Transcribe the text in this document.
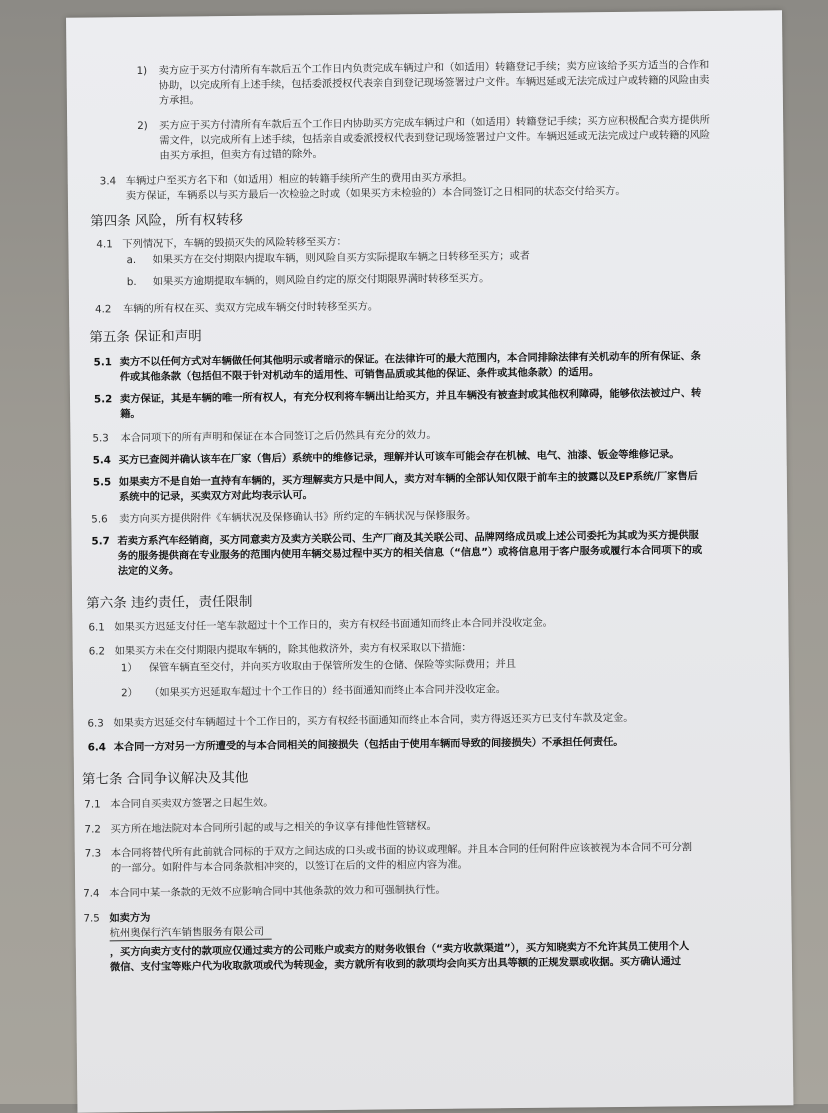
1) 卖方应于买方付清所有车款后五个工作日内负责完成车辆过户和（如适用）转籍登记手续；卖方应该给予买方适当的合作和
协助，以完成所有上述手续，包括委派授权代表亲自到登记现场签署过户文件。车辆迟延或无法完成过户或转籍的风险由卖
方承担。
2) 买方应于买方付清所有车款后五个工作日内协助买方完成车辆过户和（如适用）转籍登记手续；买方应积极配合卖方提供所
需文件，以完成所有上述手续，包括亲自或委派授权代表到登记现场签署过户文件。车辆迟延或无法完成过户或转籍的风险
由买方承担，但卖方有过错的除外。
3.4 车辆过户至买方名下和（如适用）相应的转籍手续所产生的费用由买方承担。
卖方保证，车辆系以与买方最后一次检验之时或（如果买方未检验的）本合同签订之日相同的状态交付给买方。
第四条 风险，所有权转移
4.1 下列情况下，车辆的毁损灭失的风险转移至买方：
a. 如果买方在交付期限内提取车辆，则风险自买方实际提取车辆之日转移至买方；或者
b. 如果买方逾期提取车辆的，则风险自约定的原交付期限界满时转移至买方。
4.2 车辆的所有权在买、卖双方完成车辆交付时转移至买方。
第五条 保证和声明
5.1 卖方不以任何方式对车辆做任何其他明示或者暗示的保证。在法律许可的最大范围内，本合同排除法律有关机动车的所有保证、条
件或其他条款（包括但不限于针对机动车的适用性、可销售品质或其他的保证、条件或其他条款）的适用。
5.2 卖方保证，其是车辆的唯一所有权人，有充分权利将车辆出让给买方，并且车辆没有被查封或其他权利障碍，能够依法被过户、转
籍。
5.3 本合同项下的所有声明和保证在本合同签订之后仍然具有充分的效力。
5.4 买方已查阅并确认该车在厂家（售后）系统中的维修记录，理解并认可该车可能会存在机械、电气、油漆、钣金等维修记录。
5.5 如果卖方不是自始一直持有车辆的，买方理解卖方只是中间人，卖方对车辆的全部认知仅限于前车主的披露以及EP系统/厂家售后
系统中的记录，买卖双方对此均表示认可。
5.6 卖方向买方提供附件《车辆状况及保修确认书》所约定的车辆状况与保修服务。
5.7 若卖方系汽车经销商，买方同意卖方及卖方关联公司、生产厂商及其关联公司、品牌网络成员或上述公司委托为其或为买方提供服
务的服务提供商在专业服务的范围内使用车辆交易过程中买方的相关信息（“信息”）或将信息用于客户服务或履行本合同项下的或
法定的义务。
第六条 违约责任，责任限制
6.1 如果买方迟延支付任一笔车款超过十个工作日的，卖方有权经书面通知而终止本合同并没收定金。
6.2 如果买方未在交付期限内提取车辆的，除其他救济外，卖方有权采取以下措施：
1） 保管车辆直至交付，并向买方收取由于保管所发生的仓储、保险等实际费用；并且
2） （如果买方迟延取车超过十个工作日的）经书面通知而终止本合同并没收定金。
6.3 如果卖方迟延交付车辆超过十个工作日的，买方有权经书面通知而终止本合同，卖方得返还买方已支付车款及定金。
6.4 本合同一方对另一方所遭受的与本合同相关的间接损失（包括由于使用车辆而导致的间接损失）不承担任何责任。
第七条 合同争议解决及其他
7.1 本合同自买卖双方签署之日起生效。
7.2 买方所在地法院对本合同所引起的或与之相关的争议享有排他性管辖权。
7.3 本合同将替代所有此前就合同标的于双方之间达成的口头或书面的协议或理解。并且本合同的任何附件应该被视为本合同不可分割
的一部分。如附件与本合同条款相冲突的，以签订在后的文件的相应内容为准。
7.4 本合同中某一条款的无效不应影响合同中其他条款的效力和可强制执行性。
7.5 如卖方为
杭州奥保行汽车销售服务有限公司
，买方向卖方支付的款项应仅通过卖方的公司账户或卖方的财务收银台（“卖方收款渠道”），买方知晓卖方不允许其员工使用个人
微信、支付宝等账户代为收取款项或代为转现金，卖方就所有收到的款项均会向买方出具等额的正规发票或收据。买方确认通过
